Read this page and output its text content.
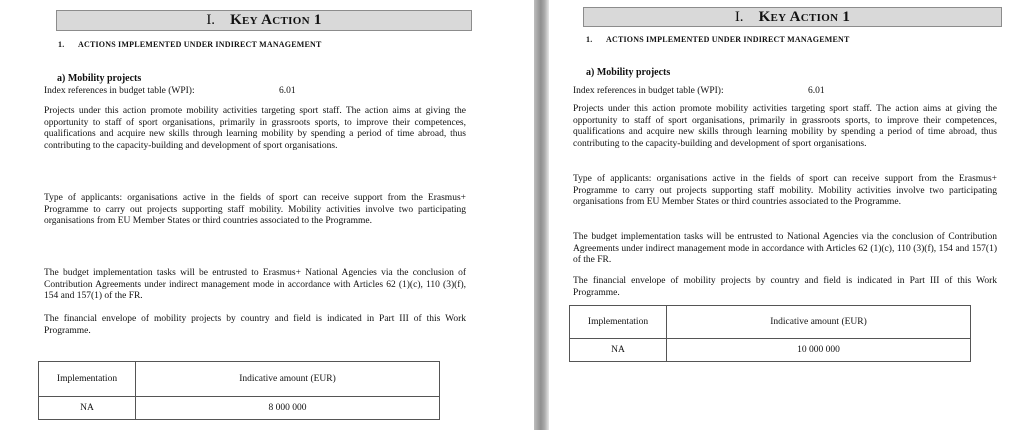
I. Key Action 1
1. ACTIONS IMPLEMENTED UNDER INDIRECT MANAGEMENT
a) Mobility projects
Index references in budget table (WPI):	6.01
Projects under this action promote mobility activities targeting sport staff. The action aims at giving the opportunity to staff of sport organisations, primarily in grassroots sports, to improve their competences, qualifications and acquire new skills through learning mobility by spending a period of time abroad, thus contributing to the capacity-building and development of sport organisations.
Type of applicants: organisations active in the fields of sport can receive support from the Erasmus+ Programme to carry out projects supporting staff mobility. Mobility activities involve two participating organisations from EU Member States or third countries associated to the Programme.
The budget implementation tasks will be entrusted to Erasmus+ National Agencies via the conclusion of Contribution Agreements under indirect management mode in accordance with Articles 62 (1)(c), 110 (3)(f), 154 and 157(1) of the FR.
The financial envelope of mobility projects by country and field is indicated in Part III of this Work Programme.
Implementation	Indicative amount (EUR)
NA	8 000 000
I. Key Action 1
1. ACTIONS IMPLEMENTED UNDER INDIRECT MANAGEMENT
a) Mobility projects
Index references in budget table (WPI):	6.01
Projects under this action promote mobility activities targeting sport staff. The action aims at giving the opportunity to staff of sport organisations, primarily in grassroots sports, to improve their competences, qualifications and acquire new skills through learning mobility by spending a period of time abroad, thus contributing to the capacity-building and development of sport organisations.
Type of applicants: organisations active in the fields of sport can receive support from the Erasmus+ Programme to carry out projects supporting staff mobility. Mobility activities involve two participating organisations from EU Member States or third countries associated to the Programme.
The budget implementation tasks will be entrusted to National Agencies via the conclusion of Contribution Agreements under indirect management mode in accordance with Articles 62 (1)(c), 110 (3)(f), 154 and 157(1) of the FR.
The financial envelope of mobility projects by country and field is indicated in Part III of this Work Programme.
Implementation	Indicative amount (EUR)
NA	10 000 000
